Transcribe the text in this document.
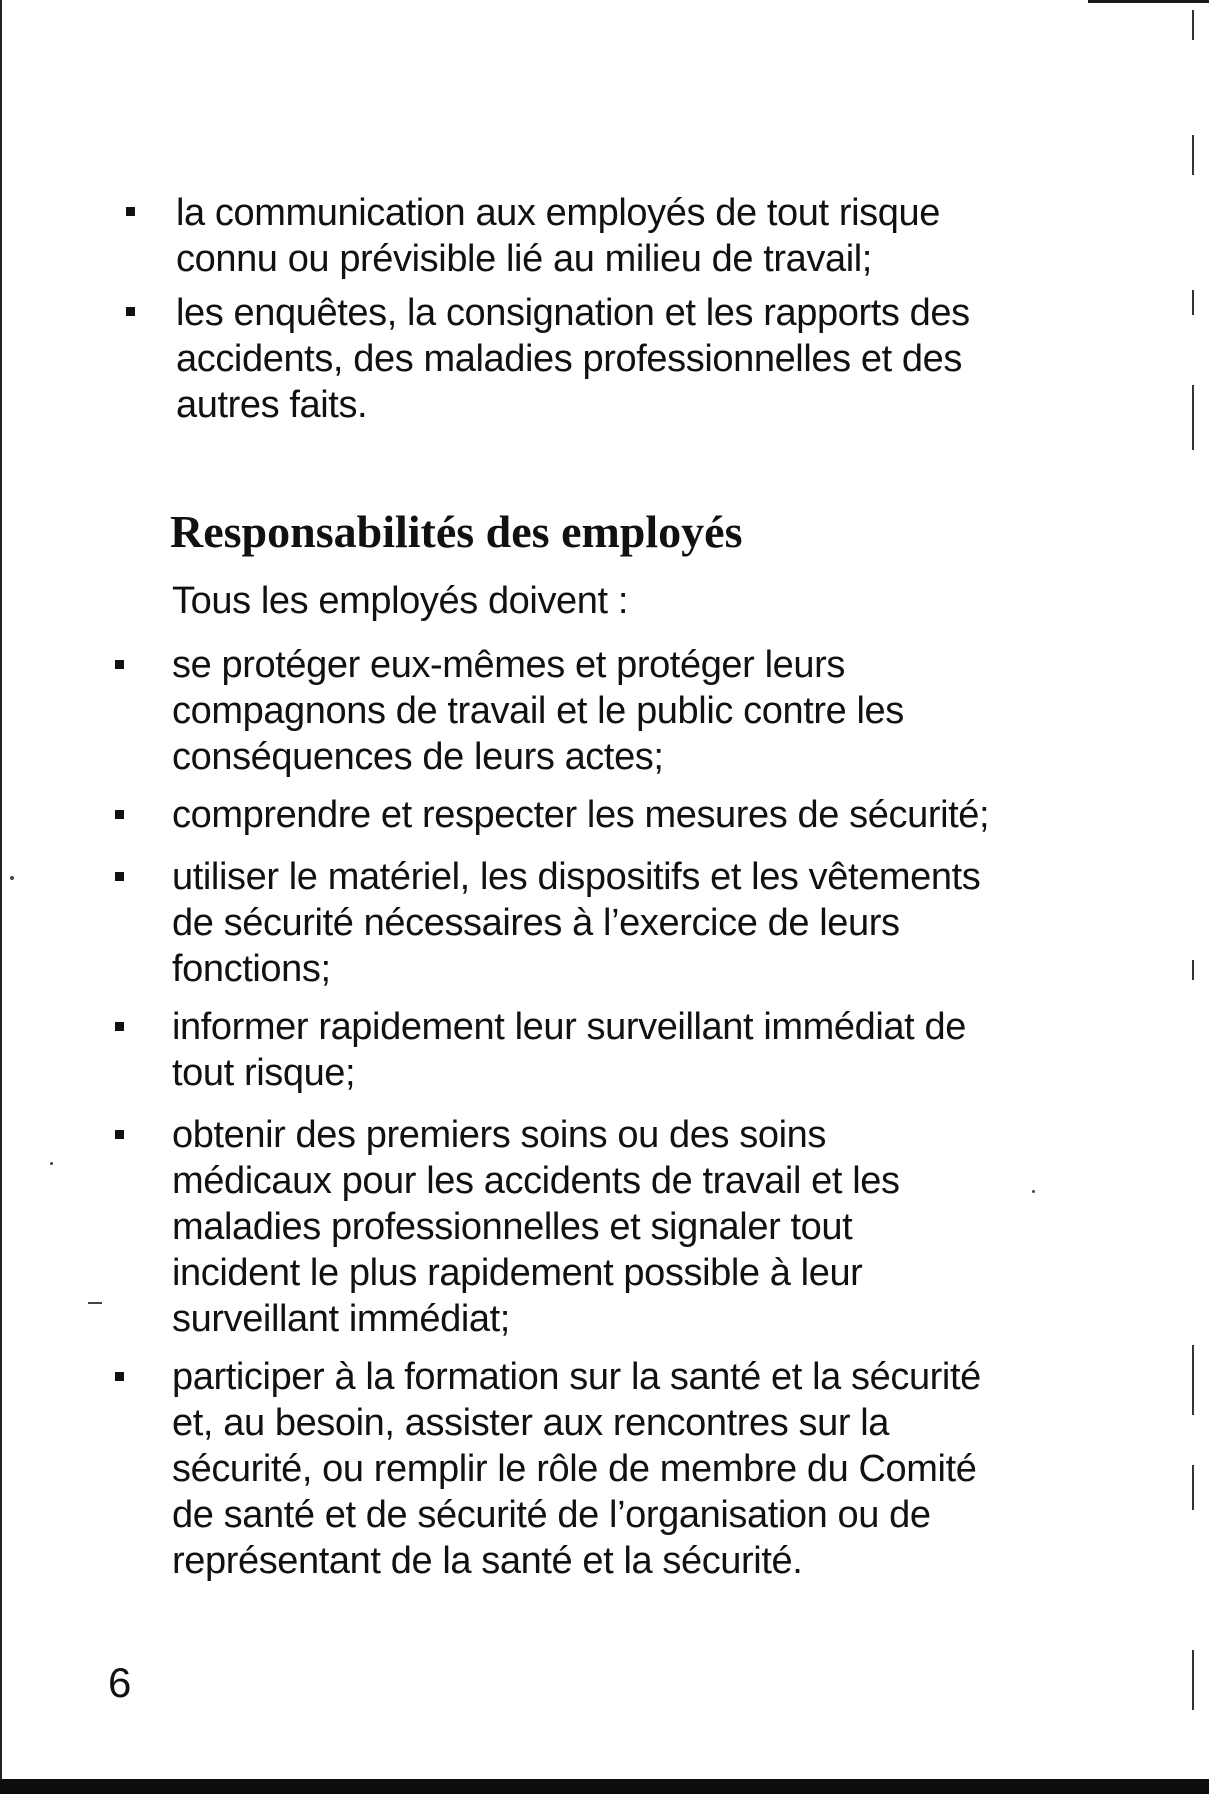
la communication aux employés de tout risque
connu ou prévisible lié au milieu de travail;
les enquêtes, la consignation et les rapports des
accidents, des maladies professionnelles et des
autres faits.
Responsabilités des employés

Tous les employés doivent :

se protéger eux-mêmes et protéger leurs
compagnons de travail et le public contre les
conséquences de leurs actes;
comprendre et respecter les mesures de sécurité;
utiliser le matériel, les dispositifs et les vêtements
de sécurité nécessaires à l’exercice de leurs
fonctions;
informer rapidement leur surveillant immédiat de
tout risque;
obtenir des premiers soins ou des soins
médicaux pour les accidents de travail et les
maladies professionnelles et signaler tout
incident le plus rapidement possible à leur
surveillant immédiat;
participer à la formation sur la santé et la sécurité
et, au besoin, assister aux rencontres sur la
sécurité, ou remplir le rôle de membre du Comité
de santé et de sécurité de l’organisation ou de
représentant de la santé et la sécurité.
6
